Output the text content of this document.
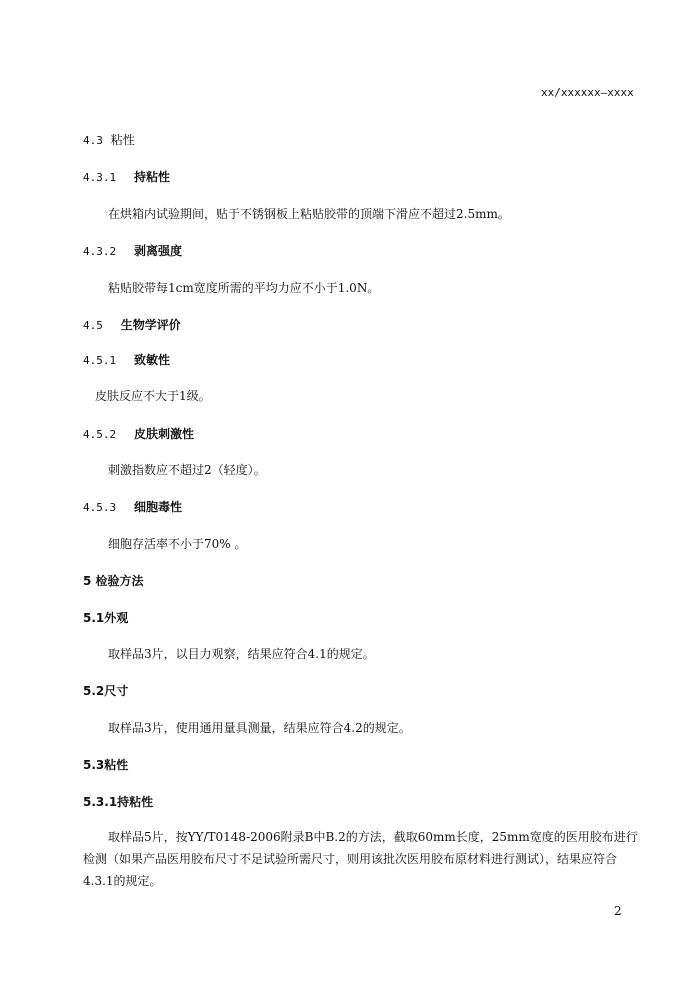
xx/xxxxxx—xxxx
4.3 粘性
4.3.1 持粘性
在烘箱内试验期间，贴于不锈钢板上粘贴胶带的顶端下滑应不超过2.5mm。
4.3.2 剥离强度
粘贴胶带每1cm宽度所需的平均力应不小于1.0N。
4.5 生物学评价
4.5.1 致敏性
皮肤反应不大于1级。
4.5.2 皮肤刺激性
刺激指数应不超过2（轻度）。
4.5.3 细胞毒性
细胞存活率不小于70% 。
5 检验方法
5.1外观
取样品3片，以目力观察，结果应符合4.1的规定。
5.2尺寸
取样品3片，使用通用量具测量，结果应符合4.2的规定。
5.3粘性
5.3.1持粘性
取样品5片，按YY/T0148-2006附录B中B.2的方法，截取60mm长度，25mm宽度的医用胶布进行
检测（如果产品医用胶布尺寸不足试验所需尺寸，则用该批次医用胶布原材料进行测试），结果应符合
4.3.1的规定。
2
